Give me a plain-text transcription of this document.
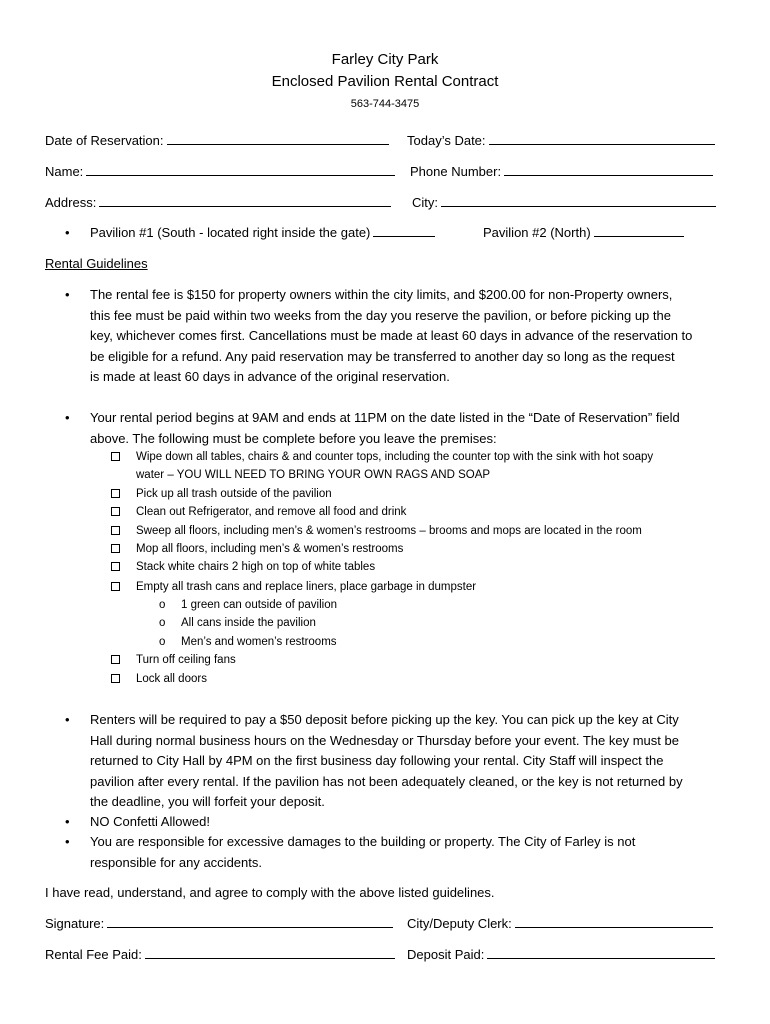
Farley City Park
Enclosed Pavilion Rental Contract
563-744-3475
Date of Reservation:	Today’s Date:
Name:	Phone Number:
Address:	City:
• Pavilion #1 (South - located right inside the gate)	Pavilion #2 (North)
Rental Guidelines
• The rental fee is $150 for property owners within the city limits, and $200.00 for non-Property owners,
this fee must be paid within two weeks from the day you reserve the pavilion, or before picking up the
key, whichever comes first. Cancellations must be made at least 60 days in advance of the reservation to
be eligible for a refund. Any paid reservation may be transferred to another day so long as the request
is made at least 60 days in advance of the original reservation.
• Your rental period begins at 9AM and ends at 11PM on the date listed in the “Date of Reservation” field
above. The following must be complete before you leave the premises:
Wipe down all tables, chairs & and counter tops, including the counter top with the sink with hot soapy
water – YOU WILL NEED TO BRING YOUR OWN RAGS AND SOAP
Pick up all trash outside of the pavilion
Clean out Refrigerator, and remove all food and drink
Sweep all floors, including men’s & women’s restrooms – brooms and mops are located in the room
Mop all floors, including men’s & women’s restrooms
Stack white chairs 2 high on top of white tables
Empty all trash cans and replace liners, place garbage in dumpster
o 1 green can outside of pavilion
o All cans inside the pavilion
o Men’s and women’s restrooms
Turn off ceiling fans
Lock all doors
• Renters will be required to pay a $50 deposit before picking up the key. You can pick up the key at City
Hall during normal business hours on the Wednesday or Thursday before your event. The key must be
returned to City Hall by 4PM on the first business day following your rental. City Staff will inspect the
pavilion after every rental. If the pavilion has not been adequately cleaned, or the key is not returned by
the deadline, you will forfeit your deposit.
• NO Confetti Allowed!
• You are responsible for excessive damages to the building or property. The City of Farley is not
responsible for any accidents.
I have read, understand, and agree to comply with the above listed guidelines.
Signature:	City/Deputy Clerk:
Rental Fee Paid:	Deposit Paid:
